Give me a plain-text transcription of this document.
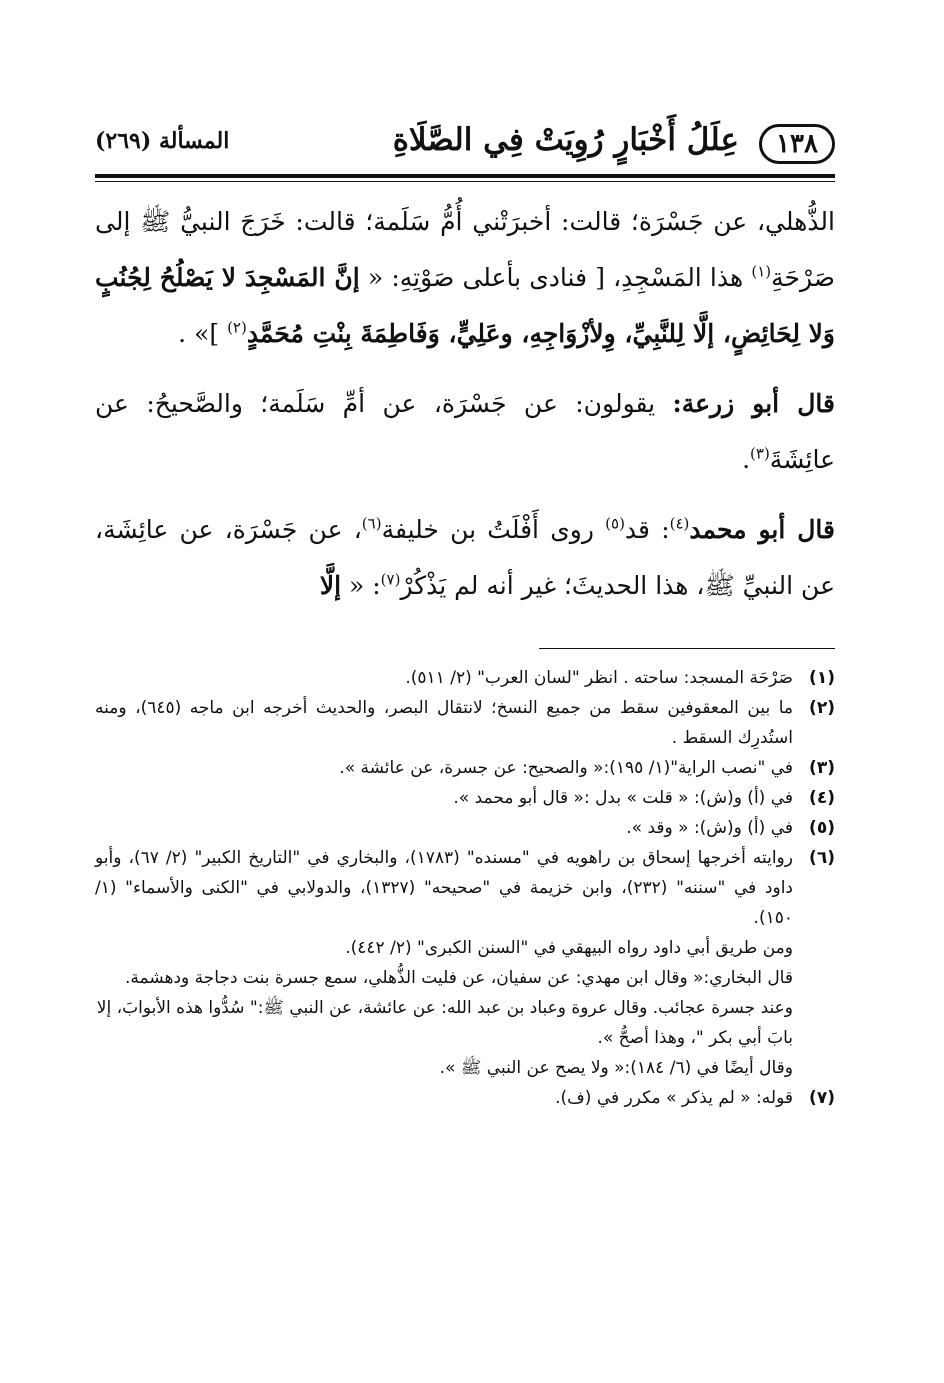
١٣٨
عِلَلُ أَخْبَارٍ رُوِيَتْ فِي الصَّلَاةِ
المسألة (٢٦٩)

الذُّهلي، عن جَسْرَة؛ قالت: أخبرَتْني أُمُّ سَلَمة؛ قالت: خَرَجَ النبيُّ ﷺ إلى صَرْحَةِ$^{(١)}$ هذا المَسْجِدِ، [ فنادى بأعلى صَوْتِهِ: « إنَّ المَسْجِدَ لا يَصْلُحُ لِجُنُبٍ وَلا لِحَائِضٍ، إلَّا لِلنَّبِيِّ، وِلأزْوَاجِهِ، وعَلِيٍّ، وَفَاطِمَةَ بِنْتِ مُحَمَّدٍ$^{(٢)}$ ]» .

قال أبو زرعة: يقولون: عن جَسْرَة، عن أمِّ سَلَمة؛ والصَّحيحُ: عن عائِشَةَ$^{(٣)}$.

قال أبو محمد$^{(٤)}$: قد$^{(٥)}$ روى أَفْلَتُ بن خليفة$^{(٦)}$، عن جَسْرَة، عن عائِشَة، عن النبيِّ ﷺ، هذا الحديثَ؛ غير أنه لم يَذْكُرْ$^{(٧)}$: « إلَّا

(١)
صَرْحَة المسجد: ساحته . انظر "لسان العرب" (٢/ ٥١١).
(٢)
ما بين المعقوفين سقط من جميع النسخ؛ لانتقال البصر، والحديث أخرجه ابن ماجه (٦٤٥)، ومنه استُدرِك السقط .
(٣)
في "نصب الراية"(١/ ١٩٥):« والصحيح: عن جسرة، عن عائشة ».
(٤)
في (أ) و(ش): « قلت » بدل :« قال أبو محمد ».
(٥)
في (أ) و(ش): « وقد ».
(٦)
روايته أخرجها إسحاق بن راهويه في "مسنده" (١٧٨٣)، والبخاري في "التاريخ الكبير" (٢/ ٦٧)، وأبو داود في "سننه" (٢٣٢)، وابن خزيمة في "صحيحه" (١٣٢٧)، والدولابي في "الكنى والأسماء" (١/ ١٥٠).
ومن طريق أبي داود رواه البيهقي في "السنن الكبرى" (٢/ ٤٤٢).
قال البخاري:« وقال ابن مهدي: عن سفيان، عن فليت الذُّهلي، سمع جسرة بنت دجاجة ودهشمة. وعند جسرة عجائب. وقال عروة وعباد بن عبد الله: عن عائشة، عن النبي ﷺ:" سُدُّوا هذه الأبوابَ، إلا بابَ أبي بكر "، وهذا أصحُّ ».
وقال أيضًا في (٦/ ١٨٤):« ولا يصح عن النبي ﷺ ».
(٧)
قوله: « لم يذكر » مكرر في (ف).
